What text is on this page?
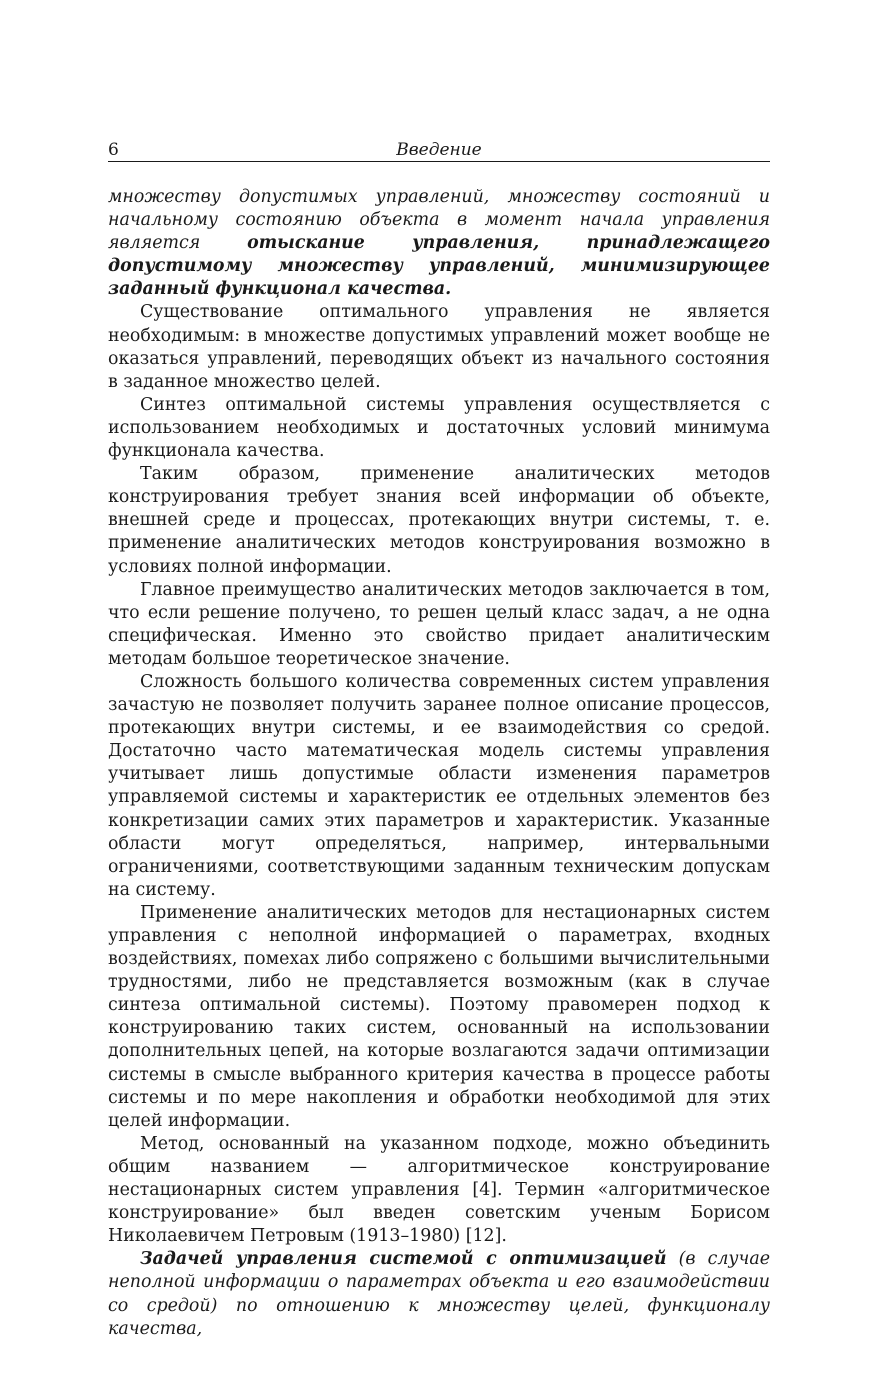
6	Введение

множеству допустимых управлений, множеству состояний и начальному состоянию объекта в момент начала управления является отыскание управления, принадлежащего допустимому множеству управлений, минимизирующее заданный функционал качества.

Существование оптимального управления не является необходимым: в множестве допустимых управлений может вообще не оказаться управлений, переводящих объект из начального состояния в заданное множество целей.

Синтез оптимальной системы управления осуществляется с использованием необходимых и достаточных условий минимума функционала качества.

Таким образом, применение аналитических методов конструирования требует знания всей информации об объекте, внешней среде и процессах, протекающих внутри системы, т. е. применение аналитических методов конструирования возможно в условиях полной информации.

Главное преимущество аналитических методов заключается в том, что если решение получено, то решен целый класс задач, а не одна специфическая. Именно это свойство придает аналитическим методам большое теоретическое значение.

Сложность большого количества современных систем управления зачастую не позволяет получить заранее полное описание процессов, протекающих внутри системы, и ее взаимодействия со средой. Достаточно часто математическая модель системы управления учитывает лишь допустимые области изменения параметров управляемой системы и характеристик ее отдельных элементов без конкретизации самих этих параметров и характеристик. Указанные области могут определяться, например, интервальными ограничениями, соответствующими заданным техническим допускам на систему.

Применение аналитических методов для нестационарных систем управления с неполной информацией о параметрах, входных воздействиях, помехах либо сопряжено с большими вычислительными трудностями, либо не представляется возможным (как в случае синтеза оптимальной системы). Поэтому правомерен подход к конструированию таких систем, основанный на использовании дополнительных цепей, на которые возлагаются задачи оптимизации системы в смысле выбранного критерия качества в процессе работы системы и по мере накопления и обработки необходимой для этих целей информации.

Метод, основанный на указанном подходе, можно объединить общим названием — алгоритмическое конструирование нестационарных систем управления [4]. Термин «алгоритмическое конструирование» был введен советским ученым Борисом Николаевичем Петровым (1913–1980) [12].

Задачей управления системой с оптимизацией (в случае неполной информации о параметрах объекта и его взаимодействии со средой) по отношению к множеству целей, функционалу качества,
